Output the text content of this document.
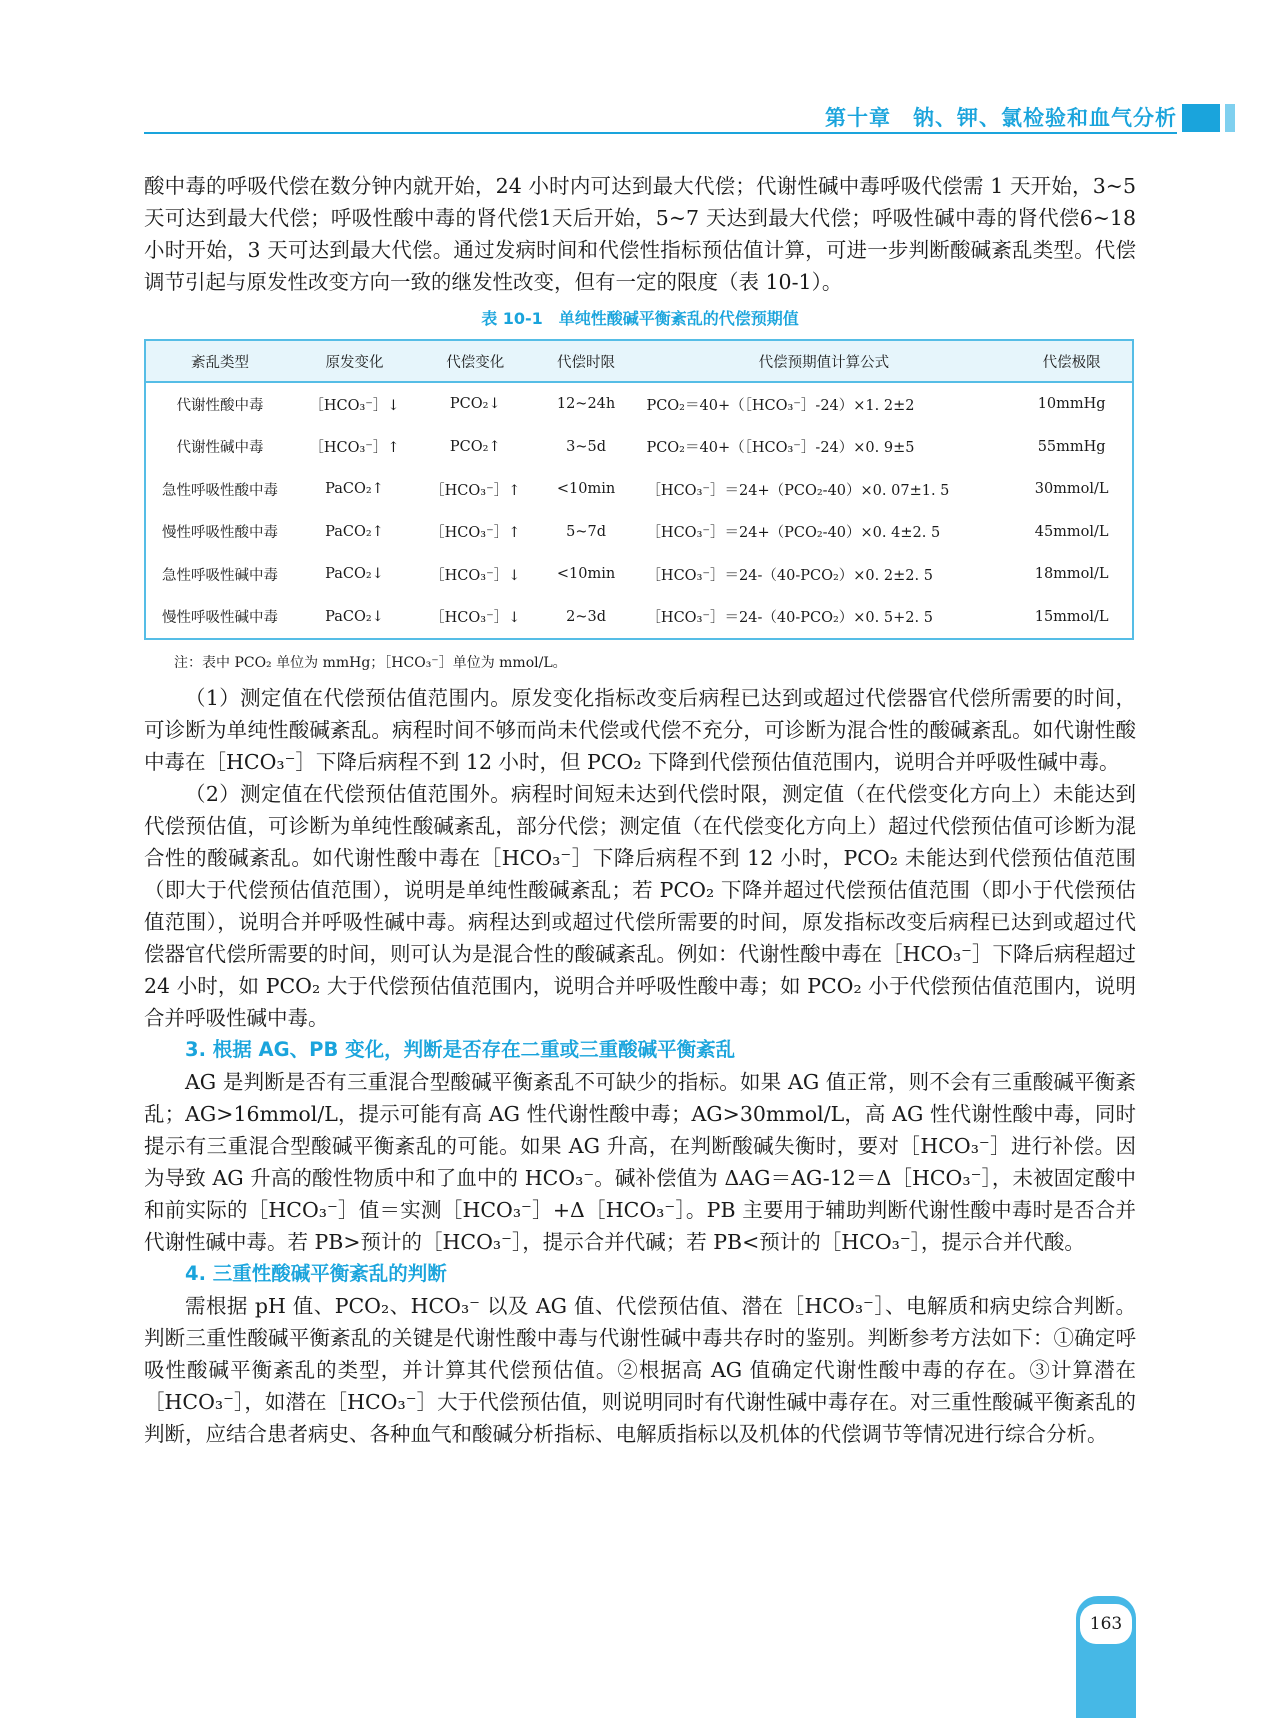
第十章　钠、钾、氯检验和血气分析

酸中毒的呼吸代偿在数分钟内就开始，24 小时内可达到最大代偿；代谢性碱中毒呼吸代偿需 1 天开始，3~5 天可达到最大代偿；呼吸性酸中毒的肾代偿1天后开始，5~7 天达到最大代偿；呼吸性碱中毒的肾代偿6~18 小时开始，3 天可达到最大代偿。通过发病时间和代偿性指标预估值计算，可进一步判断酸碱紊乱类型。代偿调节引起与原发性改变方向一致的继发性改变，但有一定的限度（表 10-1）。

表 10-1　单纯性酸碱平衡紊乱的代偿预期值
紊乱类型	原发变化	代偿变化	代偿时限	代偿预期值计算公式	代偿极限
代谢性酸中毒	［HCO₃⁻］↓	PCO₂↓	12~24h	PCO₂＝40+（［HCO₃⁻］-24）×1. 2±2	10mmHg
代谢性碱中毒	［HCO₃⁻］↑	PCO₂↑	3~5d	PCO₂＝40+（［HCO₃⁻］-24）×0. 9±5	55mmHg
急性呼吸性酸中毒	PaCO₂↑	［HCO₃⁻］↑	<10min	［HCO₃⁻］＝24+（PCO₂-40）×0. 07±1. 5	30mmol/L
慢性呼吸性酸中毒	PaCO₂↑	［HCO₃⁻］↑	5~7d	［HCO₃⁻］＝24+（PCO₂-40）×0. 4±2. 5	45mmol/L
急性呼吸性碱中毒	PaCO₂↓	［HCO₃⁻］↓	<10min	［HCO₃⁻］＝24-（40-PCO₂）×0. 2±2. 5	18mmol/L
慢性呼吸性碱中毒	PaCO₂↓	［HCO₃⁻］↓	2~3d	［HCO₃⁻］＝24-（40-PCO₂）×0. 5+2. 5	15mmol/L
注：表中 PCO₂ 单位为 mmHg；［HCO₃⁻］单位为 mmol/L。

（1）测定值在代偿预估值范围内。原发变化指标改变后病程已达到或超过代偿器官代偿所需要的时间，可诊断为单纯性酸碱紊乱。病程时间不够而尚未代偿或代偿不充分，可诊断为混合性的酸碱紊乱。如代谢性酸中毒在［HCO₃⁻］下降后病程不到 12 小时，但 PCO₂ 下降到代偿预估值范围内，说明合并呼吸性碱中毒。

（2）测定值在代偿预估值范围外。病程时间短未达到代偿时限，测定值（在代偿变化方向上）未能达到代偿预估值，可诊断为单纯性酸碱紊乱，部分代偿；测定值（在代偿变化方向上）超过代偿预估值可诊断为混合性的酸碱紊乱。如代谢性酸中毒在［HCO₃⁻］下降后病程不到 12 小时，PCO₂ 未能达到代偿预估值范围（即大于代偿预估值范围），说明是单纯性酸碱紊乱；若 PCO₂ 下降并超过代偿预估值范围（即小于代偿预估值范围），说明合并呼吸性碱中毒。病程达到或超过代偿所需要的时间，原发指标改变后病程已达到或超过代偿器官代偿所需要的时间，则可认为是混合性的酸碱紊乱。例如：代谢性酸中毒在［HCO₃⁻］下降后病程超过 24 小时，如 PCO₂ 大于代偿预估值范围内，说明合并呼吸性酸中毒；如 PCO₂ 小于代偿预估值范围内，说明合并呼吸性碱中毒。

3. 根据 AG、PB 变化，判断是否存在二重或三重酸碱平衡紊乱

AG 是判断是否有三重混合型酸碱平衡紊乱不可缺少的指标。如果 AG 值正常，则不会有三重酸碱平衡紊乱；AG>16mmol/L，提示可能有高 AG 性代谢性酸中毒；AG>30mmol/L，高 AG 性代谢性酸中毒，同时提示有三重混合型酸碱平衡紊乱的可能。如果 AG 升高，在判断酸碱失衡时，要对［HCO₃⁻］进行补偿。因为导致 AG 升高的酸性物质中和了血中的 HCO₃⁻。碱补偿值为 ΔAG＝AG-12＝Δ［HCO₃⁻］，未被固定酸中和前实际的［HCO₃⁻］值＝实测［HCO₃⁻］+Δ［HCO₃⁻］。PB 主要用于辅助判断代谢性酸中毒时是否合并代谢性碱中毒。若 PB>预计的［HCO₃⁻］，提示合并代碱；若 PB<预计的［HCO₃⁻］，提示合并代酸。

4. 三重性酸碱平衡紊乱的判断

需根据 pH 值、PCO₂、HCO₃⁻ 以及 AG 值、代偿预估值、潜在［HCO₃⁻］、电解质和病史综合判断。判断三重性酸碱平衡紊乱的关键是代谢性酸中毒与代谢性碱中毒共存时的鉴别。判断参考方法如下：①确定呼吸性酸碱平衡紊乱的类型，并计算其代偿预估值。②根据高 AG 值确定代谢性酸中毒的存在。③计算潜在［HCO₃⁻］，如潜在［HCO₃⁻］大于代偿预估值，则说明同时有代谢性碱中毒存在。对三重性酸碱平衡紊乱的判断，应结合患者病史、各种血气和酸碱分析指标、电解质指标以及机体的代偿调节等情况进行综合分析。

163
